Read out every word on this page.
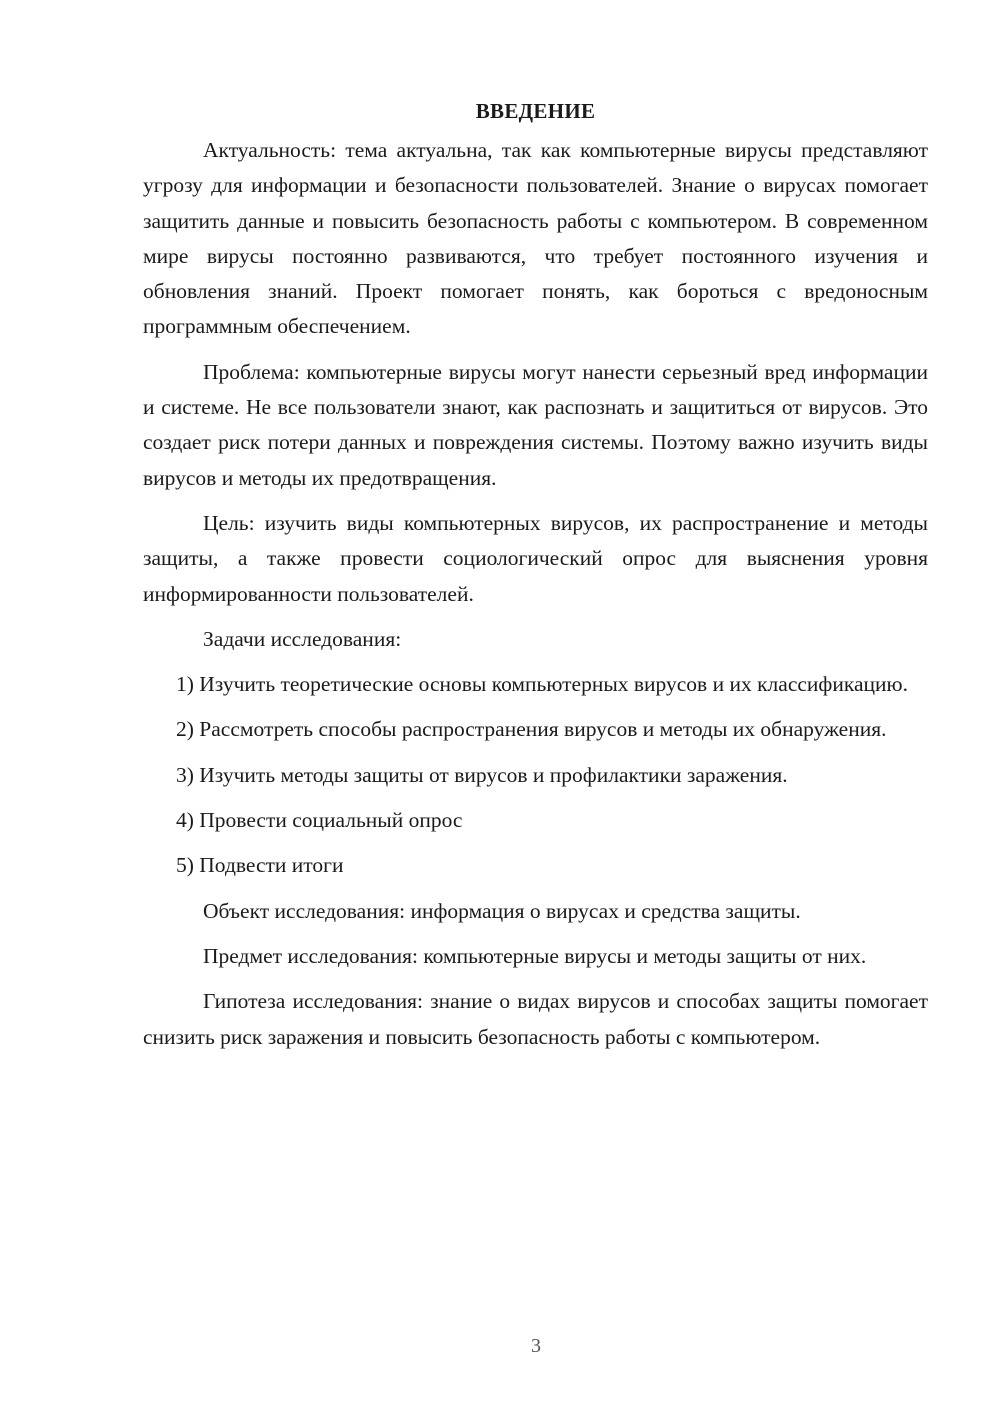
ВВЕДЕНИЕ

Актуальность: тема актуальна, так как компьютерные вирусы представляют угрозу для информации и безопасности пользователей. Знание о вирусах помогает защитить данные и повысить безопасность работы с компьютером. В современном мире вирусы постоянно развиваются, что требует постоянного изучения и обновления знаний. Проект помогает понять, как бороться с вредоносным программным обеспечением.

Проблема: компьютерные вирусы могут нанести серьезный вред информации и системе. Не все пользователи знают, как распознать и защититься от вирусов. Это создает риск потери данных и повреждения системы. Поэтому важно изучить виды вирусов и методы их предотвращения.

Цель: изучить виды компьютерных вирусов, их распространение и методы защиты, а также провести социологический опрос для выяснения уровня информированности пользователей.

Задачи исследования:

1) Изучить теоретические основы компьютерных вирусов и их классификацию.

2) Рассмотреть способы распространения вирусов и методы их обнаружения.

3) Изучить методы защиты от вирусов и профилактики заражения.

4) Провести социальный опрос

5) Подвести итоги

Объект исследования: информация о вирусах и средства защиты.

Предмет исследования: компьютерные вирусы и методы защиты от них.

Гипотеза исследования: знание о видах вирусов и способах защиты помогает снизить риск заражения и повысить безопасность работы с компьютером.

3
